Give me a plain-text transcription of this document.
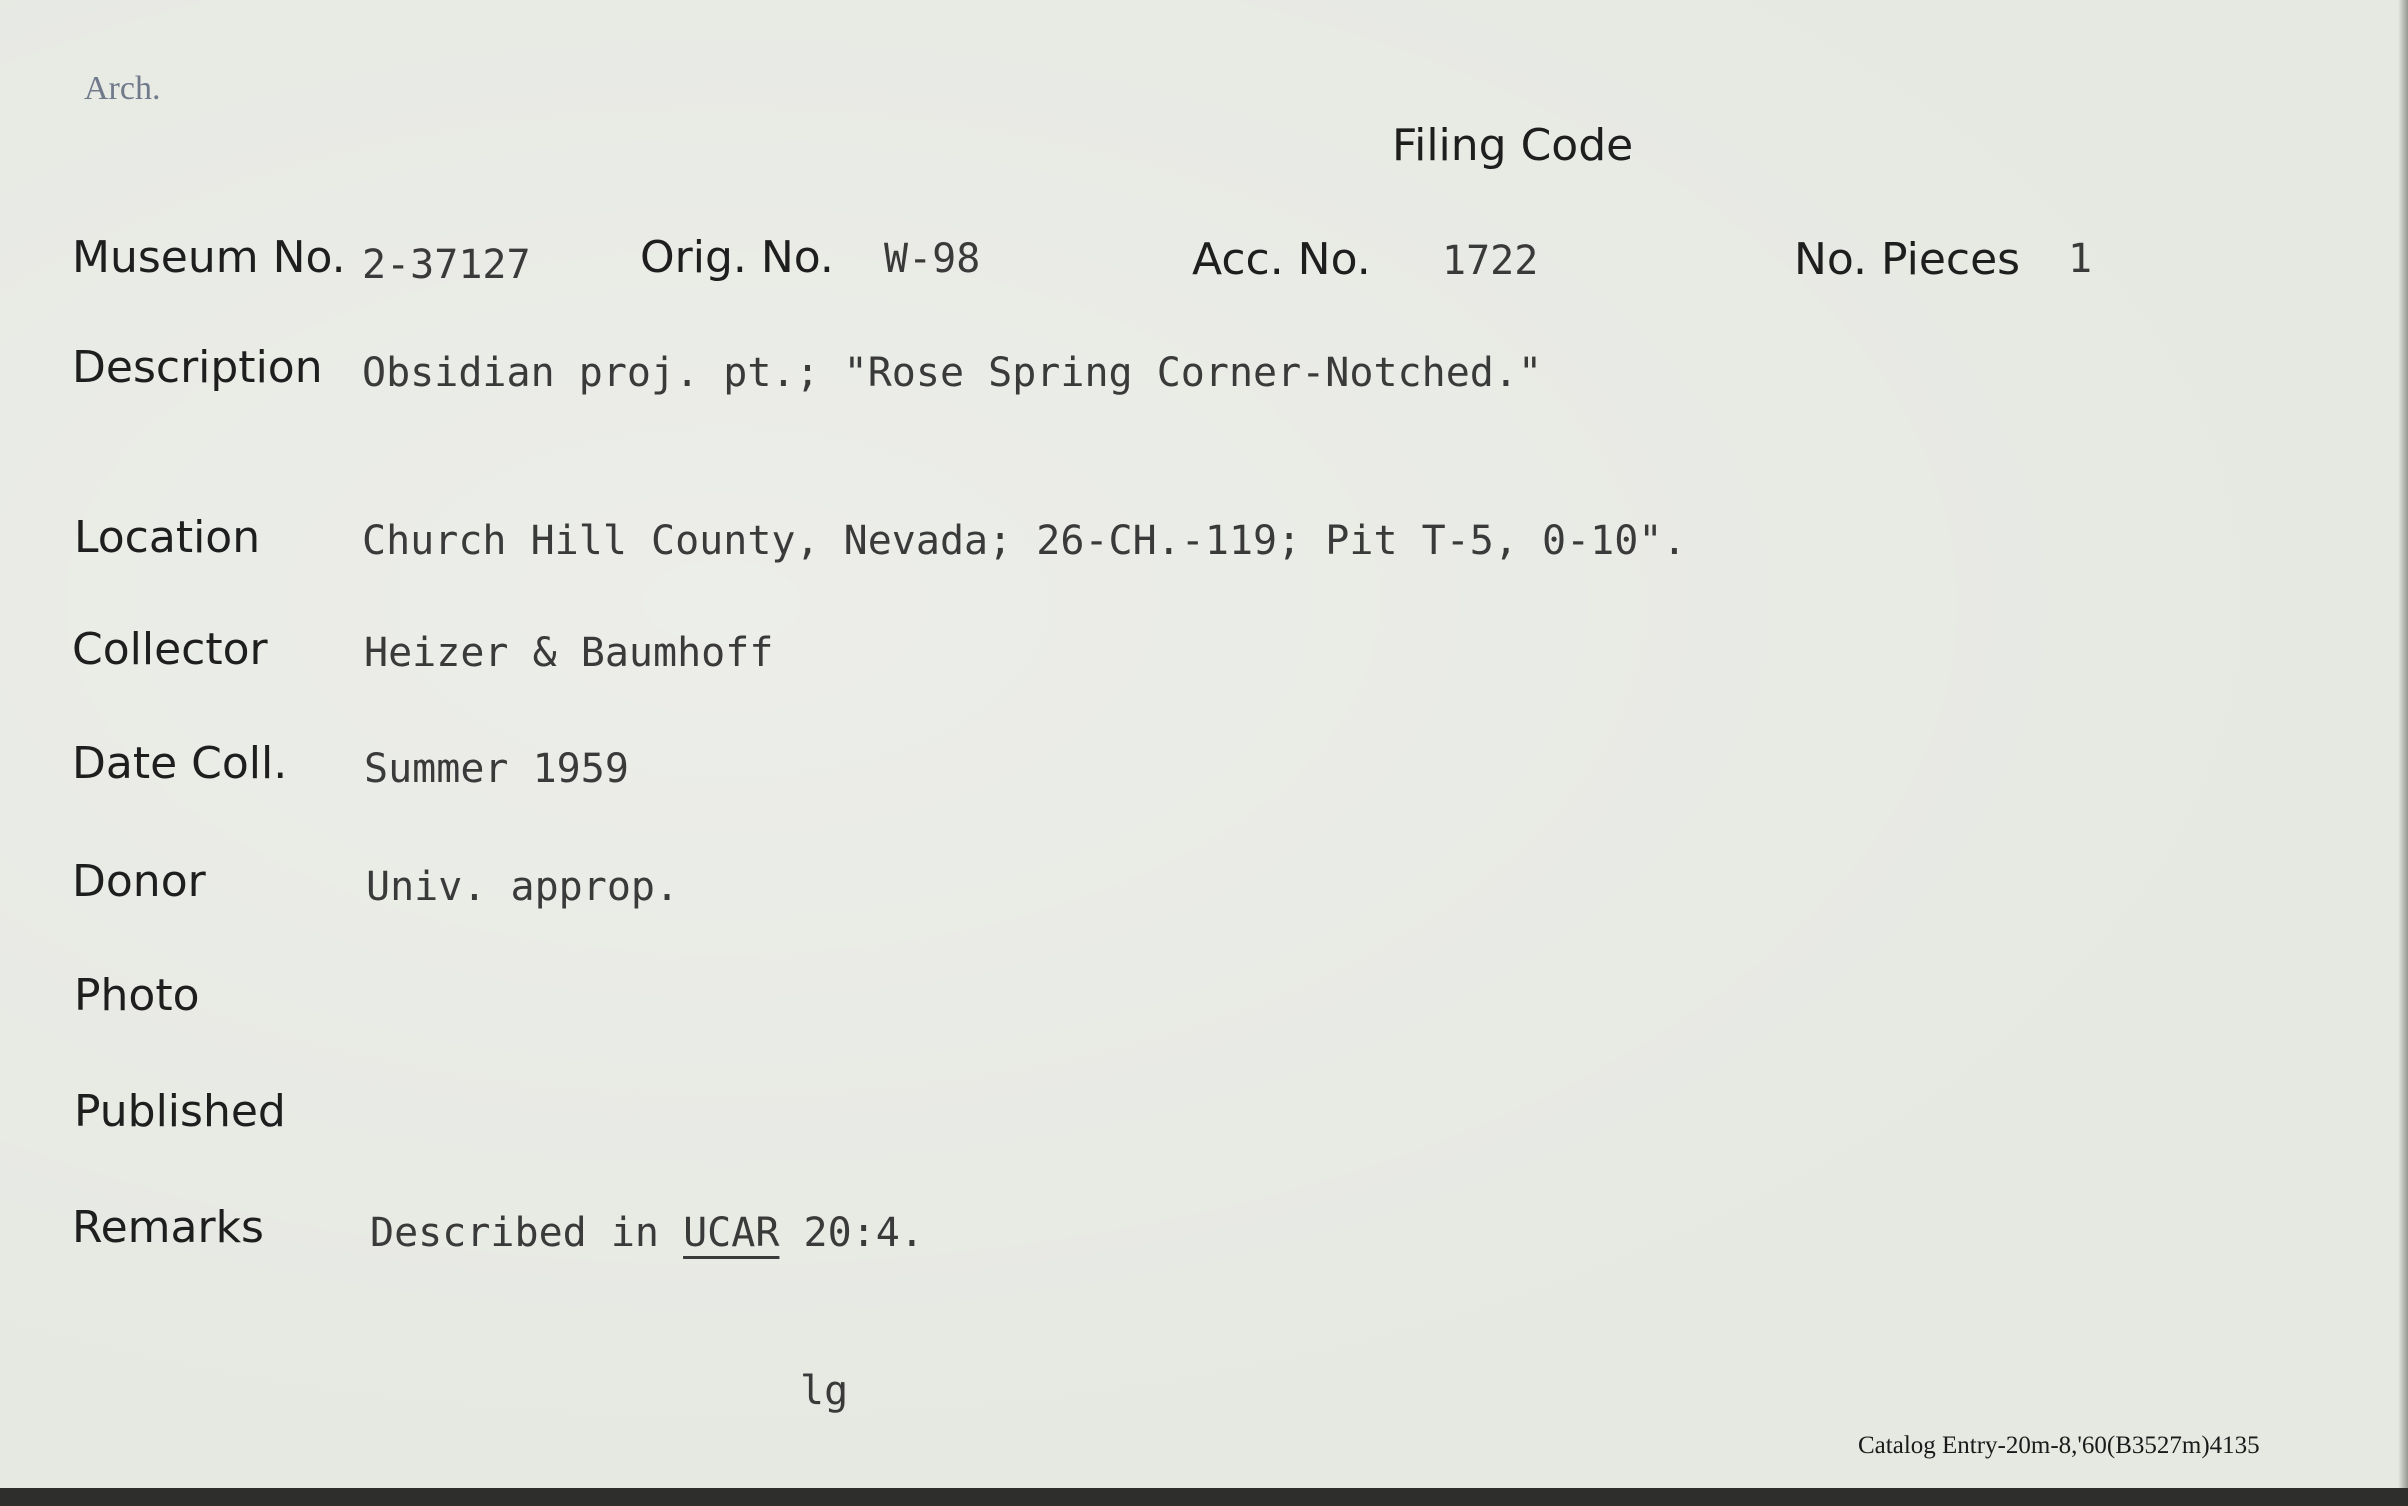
Arch.
Filing Code
Museum No. 2-37127 Orig. No. W-98	Acc. No. 1722	No. Pieces 1
Description Obsidian proj. pt.; "Rose Spring Corner-Notched."
Location	Church Hill County, Nevada; 26-CH.-119; Pit T-5, 0-10".
Collector Heizer & Baumhoff
Date Coll. Summer 1959
Donor	Univ. approp.
Photo
Published
Remarks	Described in UCAR 20:4.
lg
Catalog Entry-20m-8,'60(B3527m)4135
